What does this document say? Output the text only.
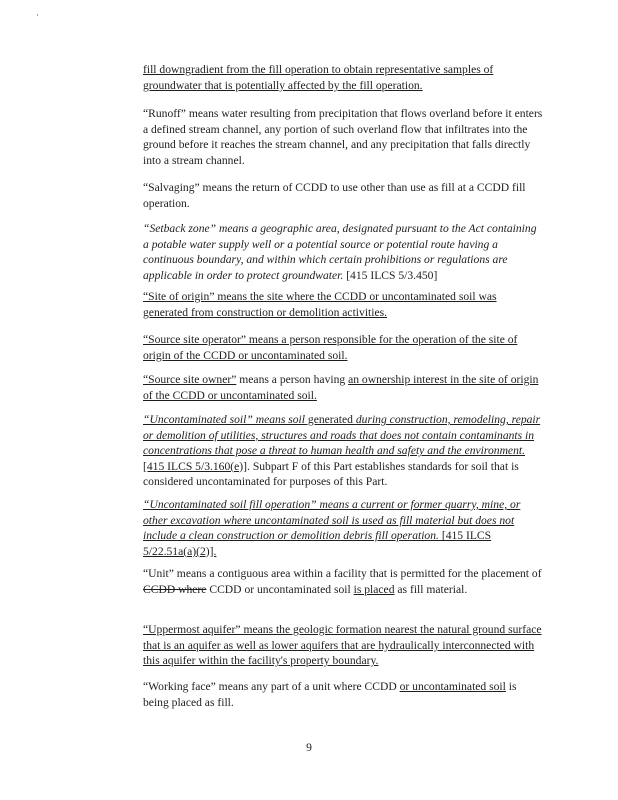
·

fill downgradient from the fill operation to obtain representative samples of groundwater that is potentially affected by the fill operation.

“Runoff” means water resulting from precipitation that flows overland before it enters a defined stream channel, any portion of such overland flow that infiltrates into the ground before it reaches the stream channel, and any precipitation that falls directly into a stream channel.

“Salvaging” means the return of CCDD to use other than use as fill at a CCDD fill operation.

“Setback zone” means a geographic area, designated pursuant to the Act containing a potable water supply well or a potential source or potential route having a continuous boundary, and within which certain prohibitions or regulations are applicable in order to protect groundwater. [415 ILCS 5/3.450]

“Site of origin” means the site where the CCDD or uncontaminated soil was generated from construction or demolition activities.

“Source site operator” means a person responsible for the operation of the site of origin of the CCDD or uncontaminated soil.

“Source site owner” means a person having an ownership interest in the site of origin of the CCDD or uncontaminated soil.

“Uncontaminated soil” means soil generated during construction, remodeling, repair or demolition of utilities, structures and roads that does not contain contaminants in concentrations that pose a threat to human health and safety and the environment. [415 ILCS 5/3.160(e)]. Subpart F of this Part establishes standards for soil that is considered uncontaminated for purposes of this Part.

“Uncontaminated soil fill operation” means a current or former quarry, mine, or other excavation where uncontaminated soil is used as fill material but does not include a clean construction or demolition debris fill operation. [415 ILCS 5/22.51a(a)(2)].

“Unit” means a contiguous area within a facility that is permitted for the placement of CCDD where CCDD or uncontaminated soil is placed as fill material.

“Uppermost aquifer” means the geologic formation nearest the natural ground surface that is an aquifer as well as lower aquifers that are hydraulically interconnected with this aquifer within the facility's property boundary.

“Working face” means any part of a unit where CCDD or uncontaminated soil is being placed as fill.

9
